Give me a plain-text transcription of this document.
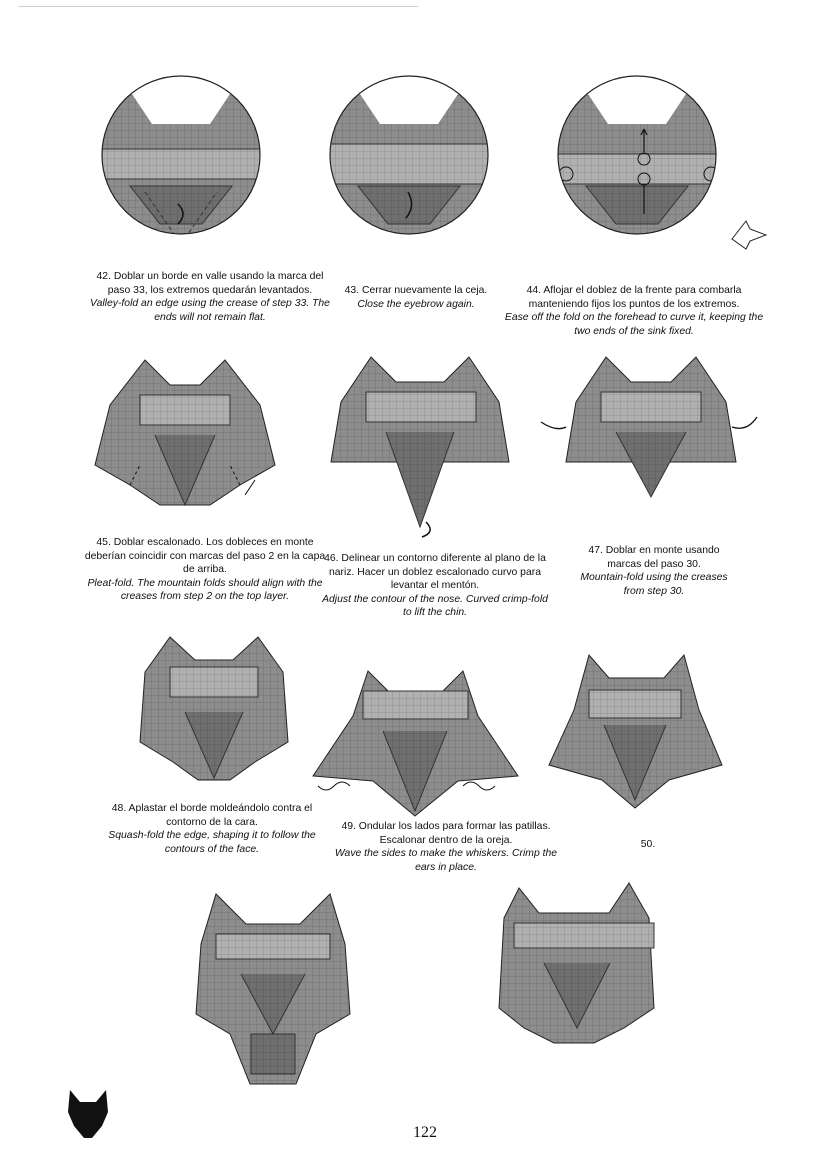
42. Doblar un borde en valle usando la marca del paso 33, los extremos quedarán levantados.
Valley-fold an edge using the crease of step 33. The ends will not remain flat.
43. Cerrar nuevamente la ceja.
Close the eyebrow again.
44. Aflojar el doblez de la frente para combarla manteniendo fijos los puntos de los extremos.
Ease off the fold on the forehead to curve it, keeping the two ends of the sink fixed.
45. Doblar escalonado. Los dobleces en monte deberían coincidir con marcas del paso 2 en la capa de arriba.
Pleat-fold. The mountain folds should align with the creases from step 2 on the top layer.
46. Delinear un contorno diferente al plano de la nariz. Hacer un doblez escalonado curvo para levantar el mentón.
Adjust the contour of the nose. Curved crimp-fold to lift the chin.
47. Doblar en monte usando marcas del paso 30.
Mountain-fold using the creases from step 30.
48. Aplastar el borde moldeándolo contra el contorno de la cara.
Squash-fold the edge, shaping it to follow the contours of the face.
49. Ondular los lados para formar las patillas. Escalonar dentro de la oreja.
Wave the sides to make the whiskers. Crimp the ears in place.
50.
122
